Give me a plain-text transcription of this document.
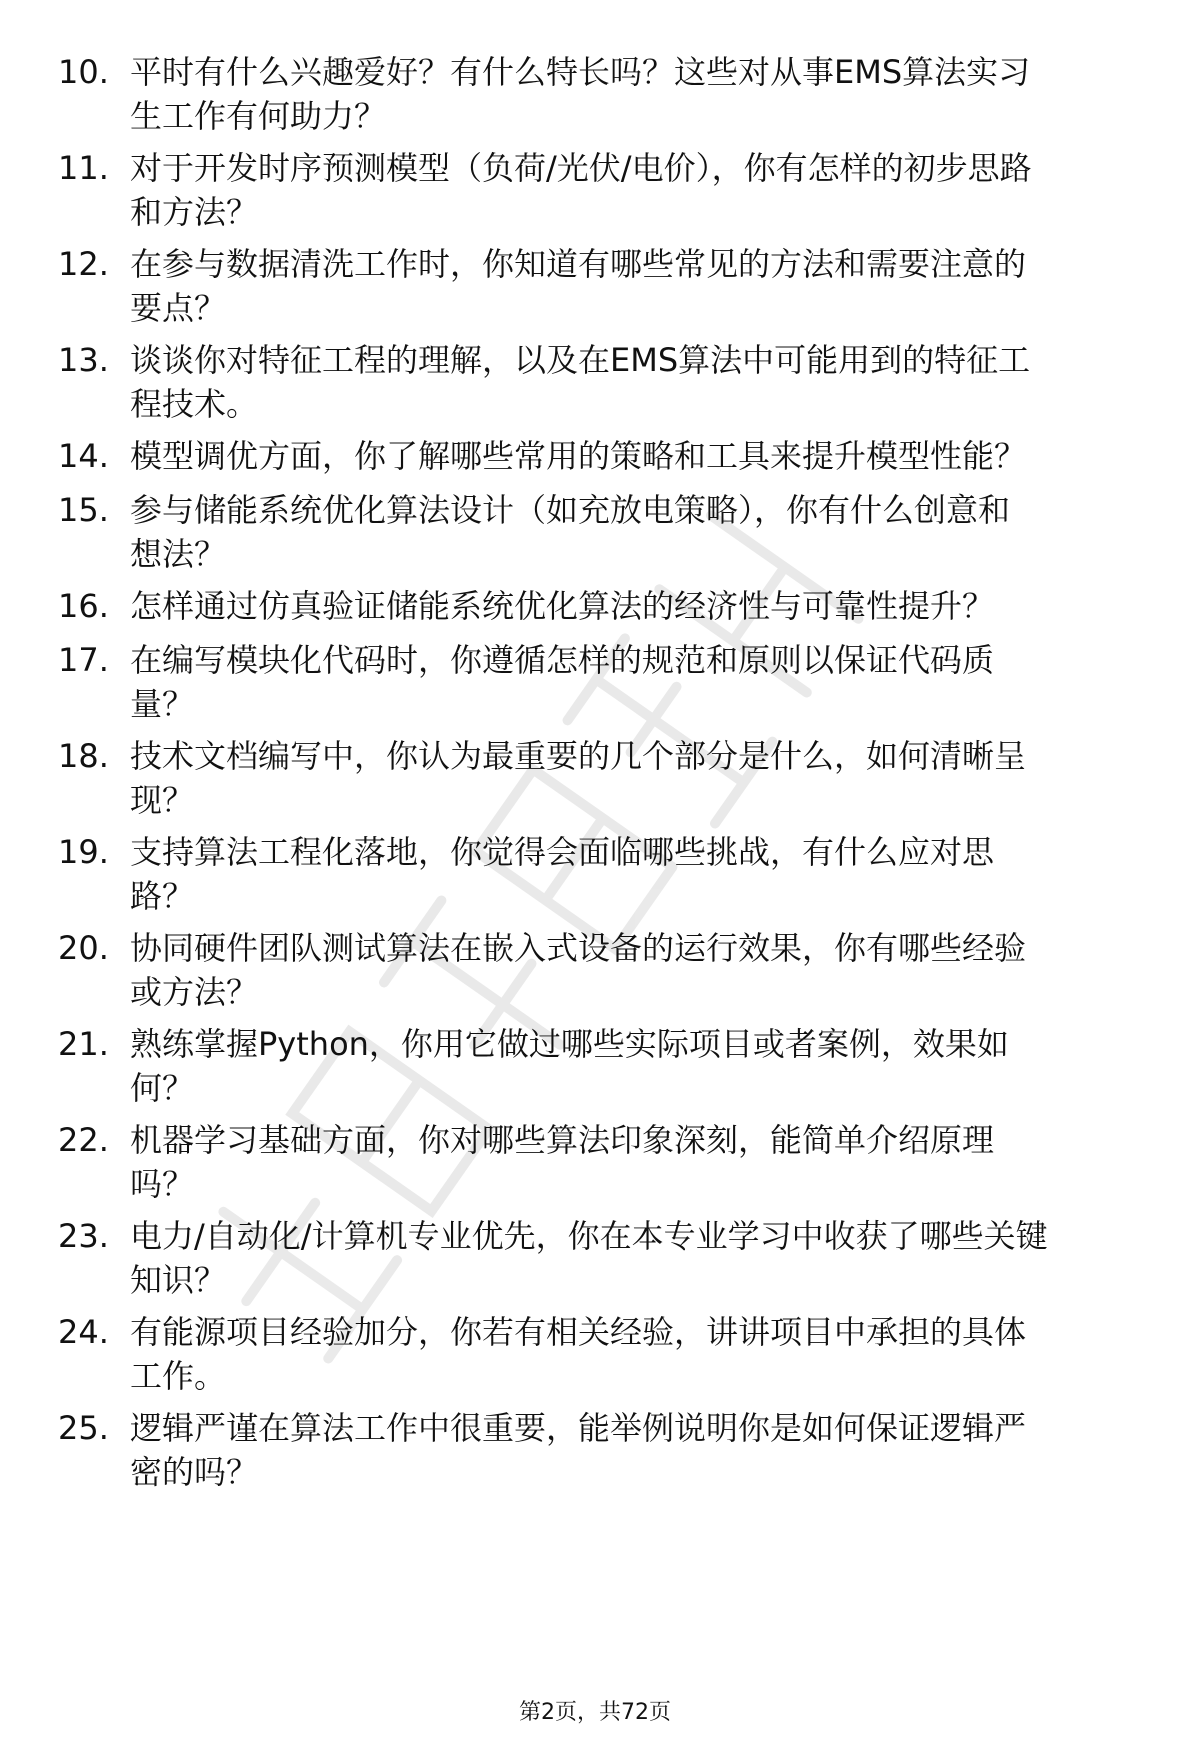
10. 平时有什么兴趣爱好？有什么特长吗？这些对从事EMS算法实习
生工作有何助力？
11. 对于开发时序预测模型（负荷/光伏/电价），你有怎样的初步思路
和方法？
12. 在参与数据清洗工作时，你知道有哪些常见的方法和需要注意的
要点？
13. 谈谈你对特征工程的理解，以及在EMS算法中可能用到的特征工
程技术。
14. 模型调优方面，你了解哪些常用的策略和工具来提升模型性能？
15. 参与储能系统优化算法设计（如充放电策略），你有什么创意和
想法？
16. 怎样通过仿真验证储能系统优化算法的经济性与可靠性提升？
17. 在编写模块化代码时，你遵循怎样的规范和原则以保证代码质
量？
18. 技术文档编写中，你认为最重要的几个部分是什么，如何清晰呈
现？
19. 支持算法工程化落地，你觉得会面临哪些挑战，有什么应对思
路？
20. 协同硬件团队测试算法在嵌入式设备的运行效果，你有哪些经验
或方法？
21. 熟练掌握Python，你用它做过哪些实际项目或者案例，效果如
何？
22. 机器学习基础方面，你对哪些算法印象深刻，能简单介绍原理
吗？
23. 电力/自动化/计算机专业优先，你在本专业学习中收获了哪些关键
知识？
24. 有能源项目经验加分，你若有相关经验，讲讲项目中承担的具体
工作。
25. 逻辑严谨在算法工作中很重要，能举例说明你是如何保证逻辑严
密的吗？
第2页，共72页
